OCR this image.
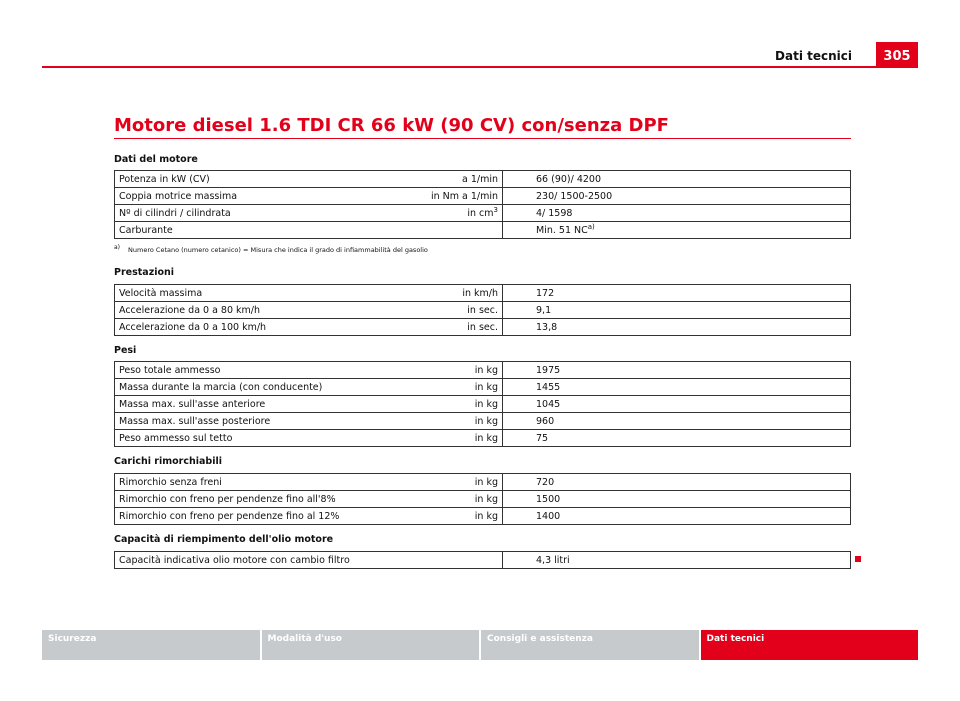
Dati tecnici	305
Motore diesel 1.6 TDI CR 66 kW (90 CV) con/senza DPF
Dati del motore
Potenza in kW (CV)	a 1/min	66 (90)/ 4200
Coppia motrice massima	in Nm a 1/min	230/ 1500-2500
Nº di cilindri / cilindrata	in $cm^3$	4/ 1598
Carburante		Min. 51 NC$^{a)}$
$^{a)}$ Numero Cetano (numero cetanico) = Misura che indica il grado di infiammabilità del gasolio
Prestazioni
Velocità massima	in km/h	172
Accelerazione da 0 a 80 km/h	in sec.	9,1
Accelerazione da 0 a 100 km/h	in sec.	13,8
Pesi
Peso totale ammesso	in kg	1975
Massa durante la marcia (con conducente)	in kg	1455
Massa max. sull'asse anteriore	in kg	1045
Massa max. sull'asse posteriore	in kg	960
Peso ammesso sul tetto	in kg	75
Carichi rimorchiabili
Rimorchio senza freni	in kg	720
Rimorchio con freno per pendenze fino all'8%	in kg	1500
Rimorchio con freno per pendenze fino al 12%	in kg	1400
Capacità di riempimento dell'olio motore
Capacità indicativa olio motore con cambio filtro		4,3 litri
Sicurezza	Modalità d'uso	Consigli e assistenza	Dati tecnici
